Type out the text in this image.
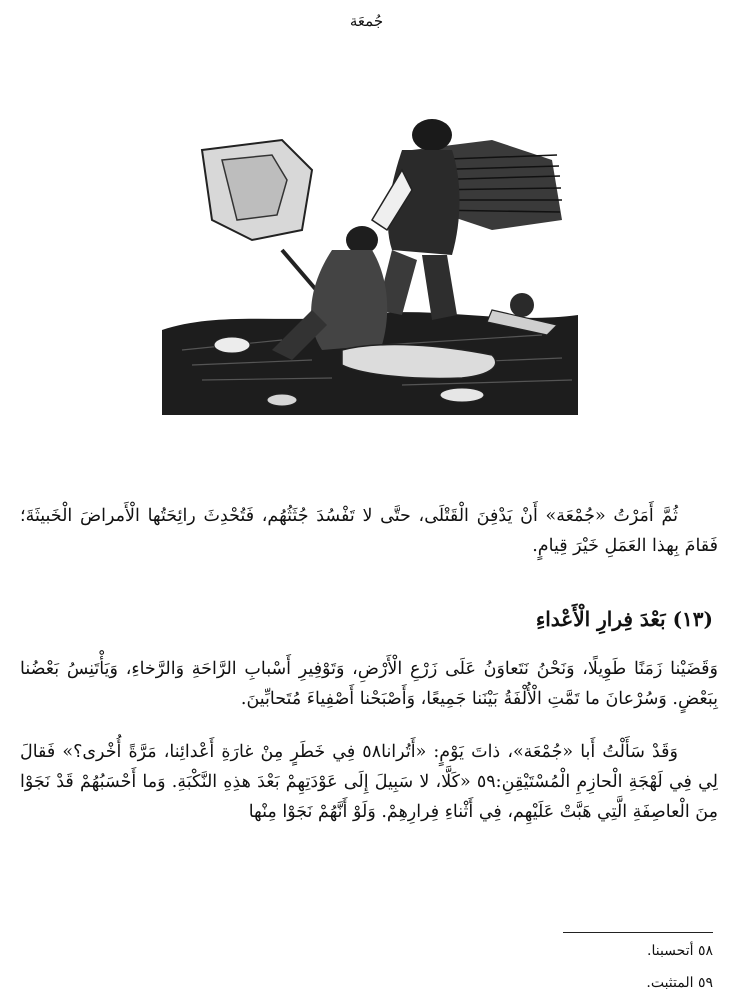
جُمعَة

ثُمَّ أَمَرْتُ «جُمْعَة» أَنْ يَدْفِنَ الْقَتْلَى، حتَّى لا تَفْسُدَ جُثَثُهُم، فَتُحْدِثَ رائِحَتُها الْأَمراضَ الْخَبيثَةَ؛ فَقامَ بِهذا العَمَلِ خَيْرَ قِيامٍ.

(١٣) بَعْدَ فِرارِ الْأَعْداءِ

وَقَضَيْنا زَمَنًا طَوِيلًا، وَنَحْنُ نَتَعاوَنُ عَلَى زَرْعِ الْأَرْضِ، وَتَوْفِيرِ أَسْبابِ الرَّاحَةِ وَالرَّخاءِ، وَيَأْتَنِسُ بَعْضُنا بِبَعْضٍ. وَسُرْعانَ ما تَمَّتِ الْأُلْفَةُ بَيْنَنا جَمِيعًا، وَأَصْبَحْنا أَصْفِياءَ مُتَحابِّينَ.

وَقَدْ سَأَلْتُ أَبا «جُمْعَة»، ذاتَ يَوْمٍ: «أَتُرانا٥٨ فِي خَطَرٍ مِنْ غارَةِ أَعْدائِنا، مَرَّةً أُخْرى؟» فَقالَ لِي فِي لَهْجَةِ الْحازِمِ الْمُسْتَيْقِنِ:٥٩ «كَلَّا، لا سَبِيلَ إِلَى عَوْدَتِهِمْ بَعْدَ هذِهِ النَّكْبَةِ. وَما أَحْسَبُهُمْ قَدْ نَجَوْا مِنَ الْعاصِفَةِ الَّتِي هَبَّتْ عَلَيْهِم، فِي أَثْناءِ فِرارِهِمْ. وَلَوْ أَنَّهُمْ نَجَوْا مِنْها

٥٨ أتحسبنا.
٥٩ المتثبت.
